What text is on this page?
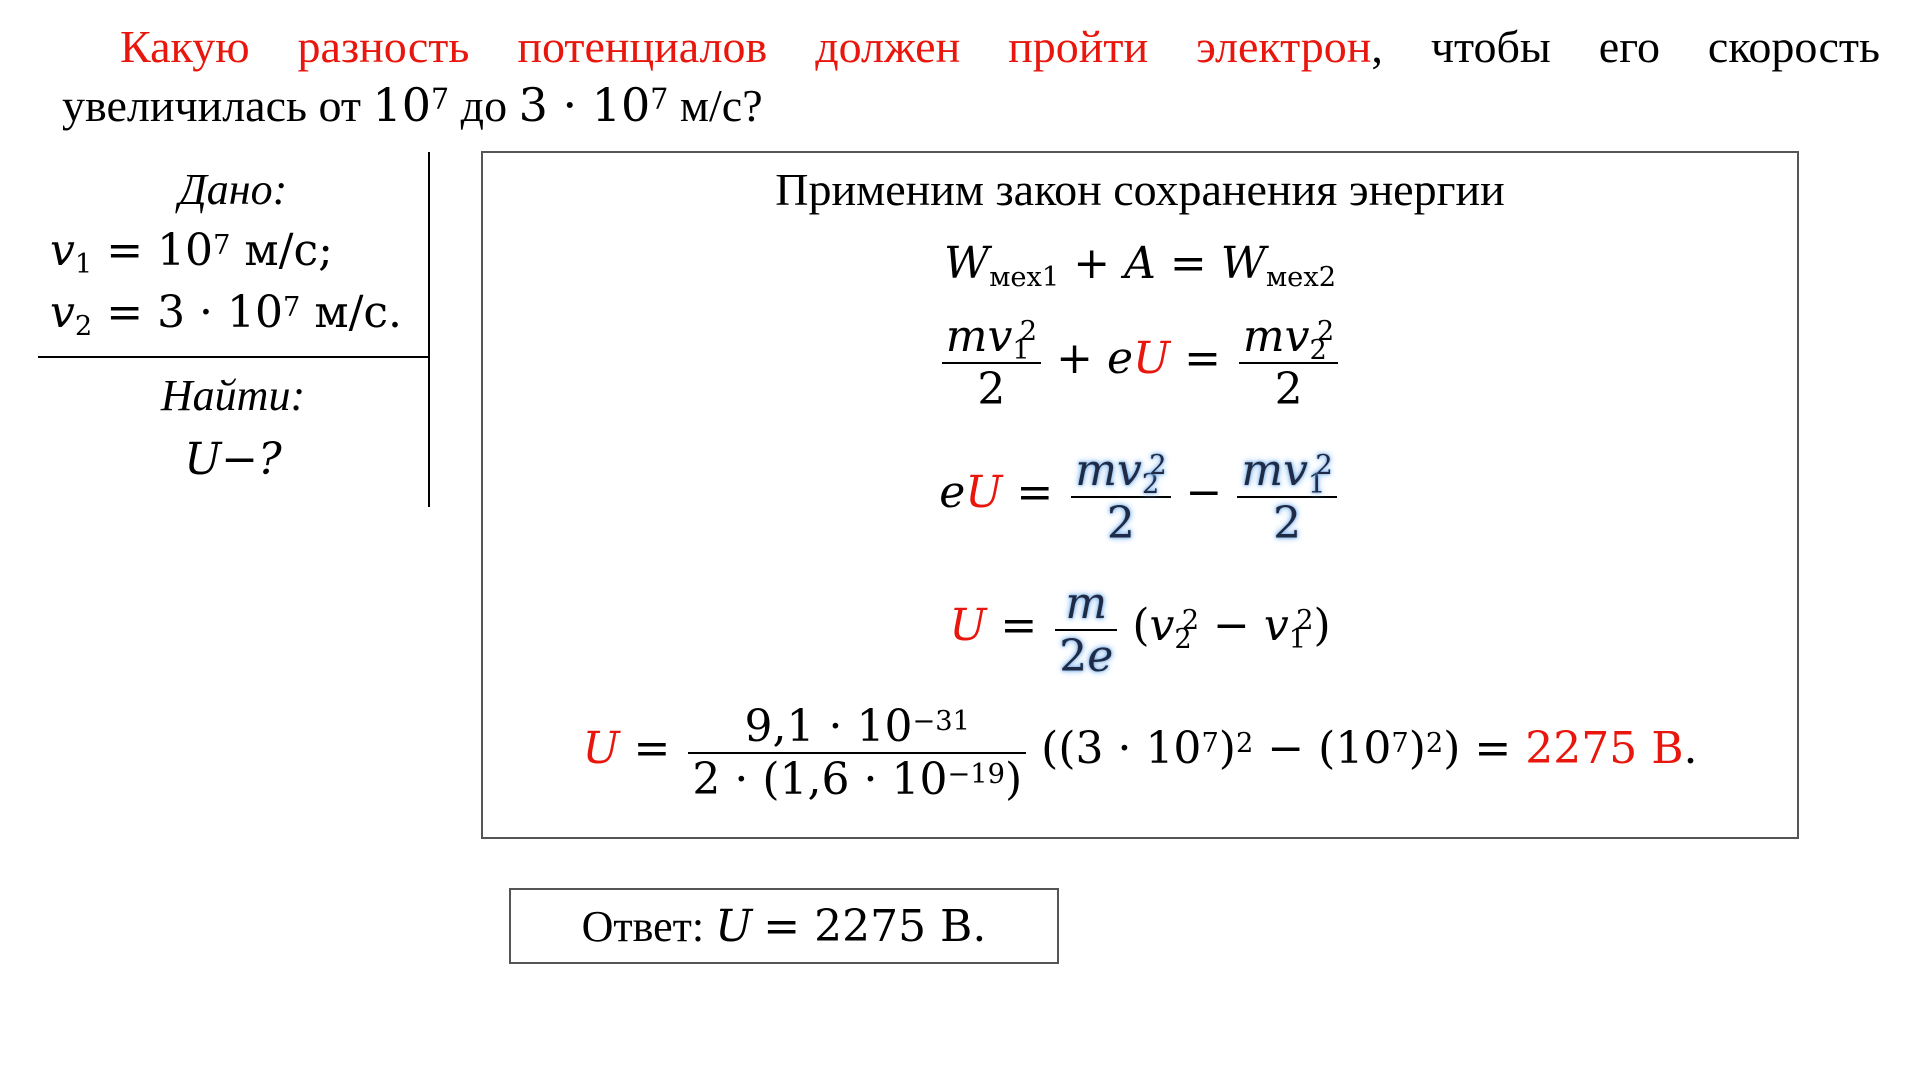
Какую разность потенциалов должен пройти электрон, чтобы его скорость
увеличилась от $10^7$ до $3 \cdot 10^7$ м/с?
Дано:
$v_1 = 10^7$ м/с;
$v_2 = 3 \cdot 10^7$ м/с.
Найти:
U−?
Применим закон сохранения энергии
$W_{мех1} + A = W_{мех2}$
$\frac{mv_1^2}{2}$ + eU = $\frac{mv_2^2}{2}$
eU = $\frac{mv_2^2}{2} - \frac{mv_1^2}{2}$
$U = \frac{m}{2e} (v_2^2 - v_1^2)$
$U = \frac{9,1 \cdot 10^{-31}}{2 \cdot (1,6 \cdot 10^{-19})} ((3 \cdot 10^7)^2 - (10^7)^2) = 2275$ В.
Ответ:
U
= 2275 В.
